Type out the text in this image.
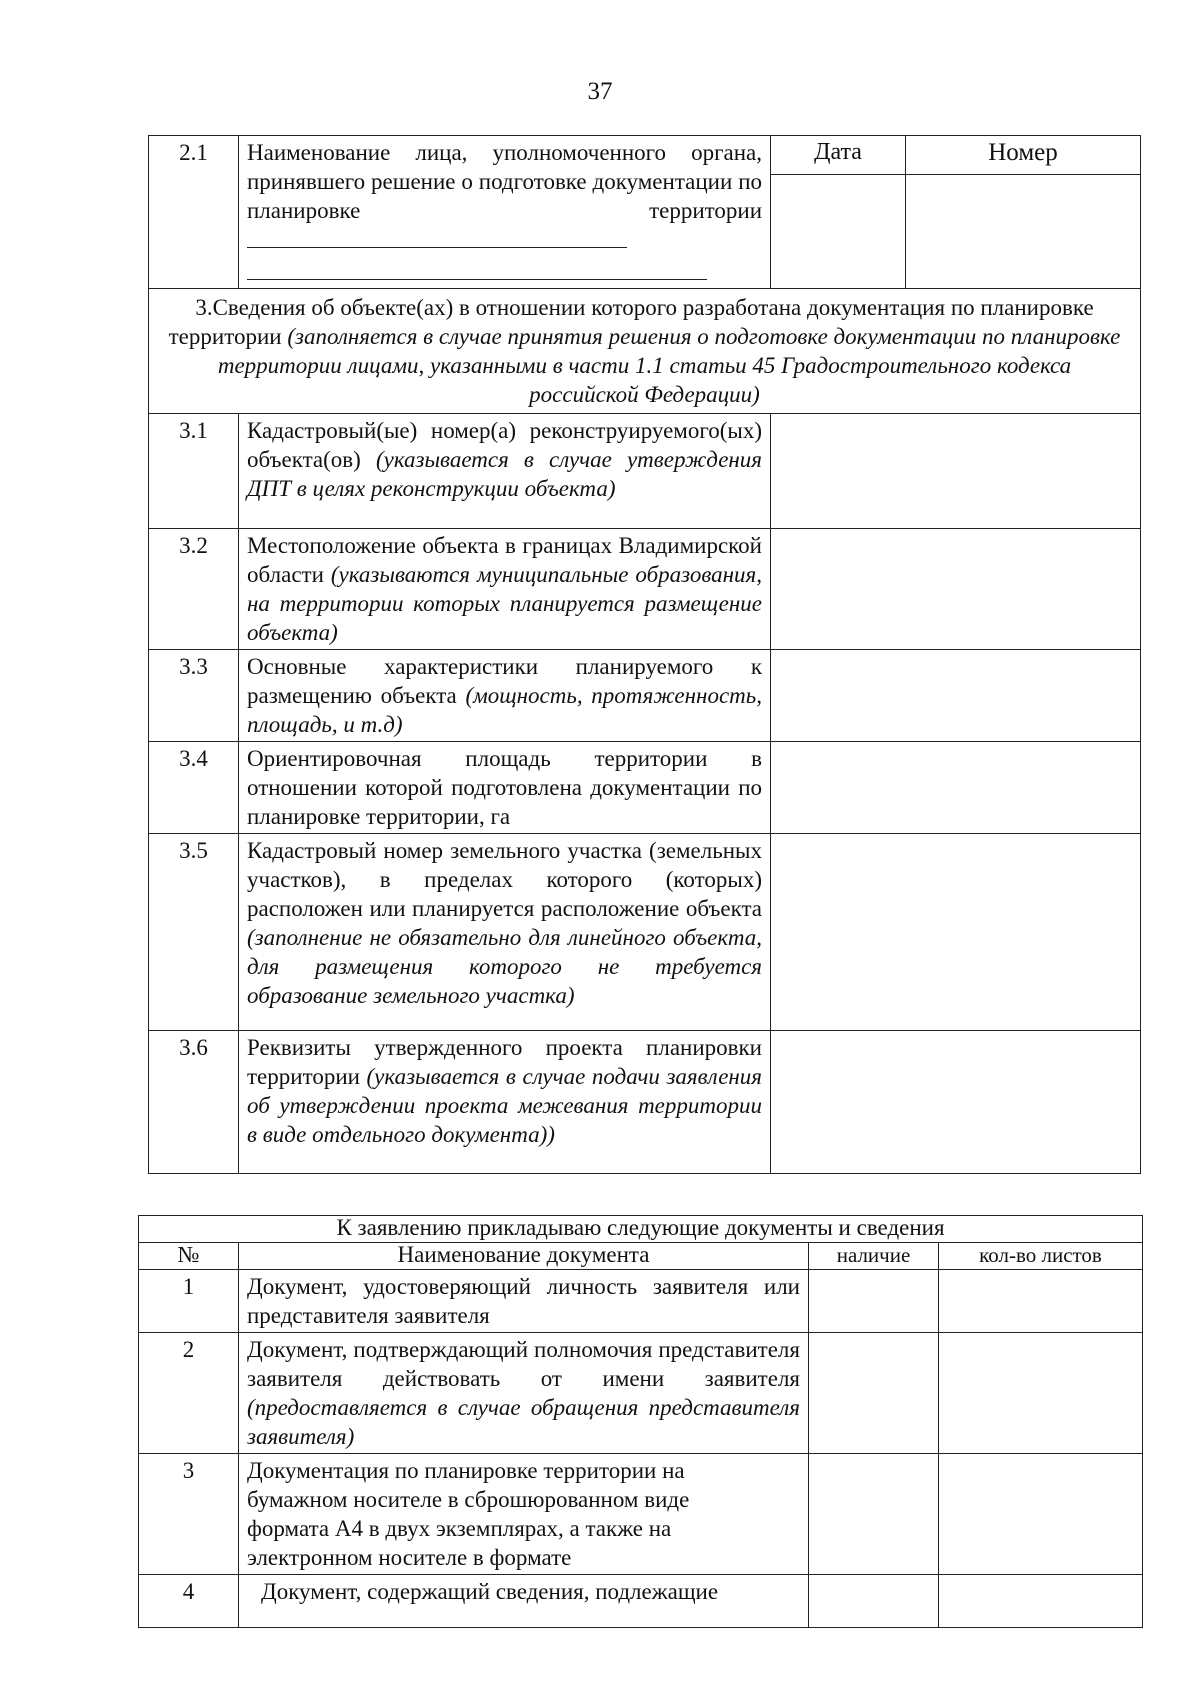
37
2.1	Наименование лица, уполномоченного органа, принявшего решение о подготовке документации по планировке территории	Дата	Номер

3.Сведения об объекте(ах) в отношении которого разработана документация по планировке территории (заполняется в случае принятия решения о подготовке документации по планировке территории лицами, указанными в части 1.1 статьи 45 Градостроительного кодекса российской Федерации)			
3.1	Кадастровый(ые) номер(а) реконструируемого(ых) объекта(ов) (указывается в случае утверждения ДПТ в целях реконструкции объекта)		
3.2	Местоположение объекта в границах Владимирской области (указываются муниципальные образования, на территории которых планируется размещение объекта)		
3.3	Основные характеристики планируемого к размещению объекта (мощность, протяженность, площадь, и т.д)		
3.4	Ориентировочная площадь территории в отношении которой подготовлена документации по планировке территории, га		
3.5	Кадастровый номер земельного участка (земельных участков), в пределах которого (которых) расположен или планируется расположение объекта (заполнение не обязательно для линейного объекта, для размещения которого не требуется образование земельного участка)		
3.6	Реквизиты утвержденного проекта планировки территории (указывается в случае подачи заявления об утверждении проекта межевания территории в виде отдельного документа))		
К заявлению прикладываю следующие документы и сведения			
№	Наименование документа	наличие	кол-во листов
1	Документ, удостоверяющий личность заявителя или представителя заявителя		
2	Документ, подтверждающий полномочия представителя заявителя действовать от имени заявителя (предоставляется в случае обращения представителя заявителя)		
3	Документация по планировке территории на бумажном носителе в сброшюрованном виде формата А4 в двух экземплярах, а также на электронном носителе в формате		
4	Документ, содержащий сведения, подлежащие		
